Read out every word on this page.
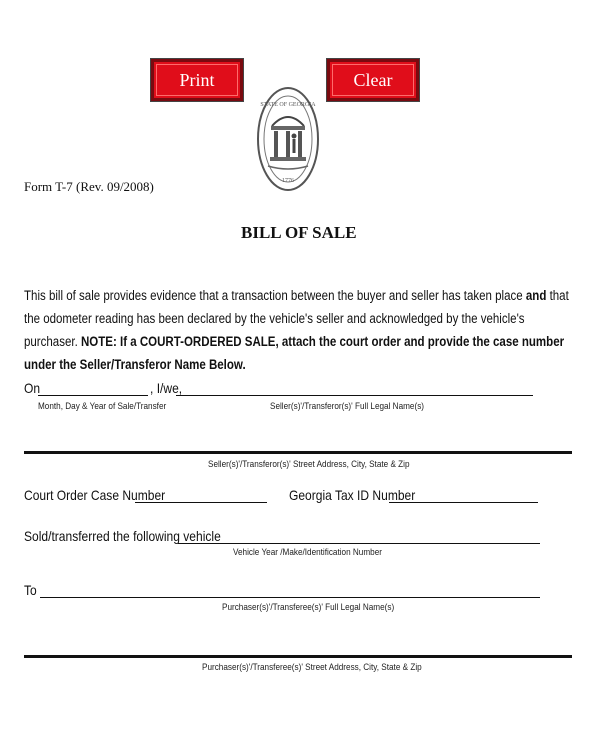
Print	Clear
STATE OF GEORGIA
1776
Form T-7 (Rev. 09/2008)
BILL OF SALE
This bill of sale provides evidence that a transaction between the buyer and seller has taken place and that the odometer reading has been declared by the vehicle's seller and acknowledged by the vehicle's purchaser. NOTE: If a COURT-ORDERED SALE, attach the court order and provide the case number under the Seller/Transferor Name Below.
On	, I/we,
Month, Day & Year of Sale/Transfer	Seller(s)'/Transferor(s)' Full Legal Name(s)
Seller(s)'/Transferor(s)' Street Address, City, State & Zip
Court Order Case Number	Georgia Tax ID Number
Sold/transferred the following vehicle
Vehicle Year /Make/Identification Number
To
Purchaser(s)'/Transferee(s)' Full Legal Name(s)
Purchaser(s)'/Transferee(s)' Street Address, City, State & Zip
